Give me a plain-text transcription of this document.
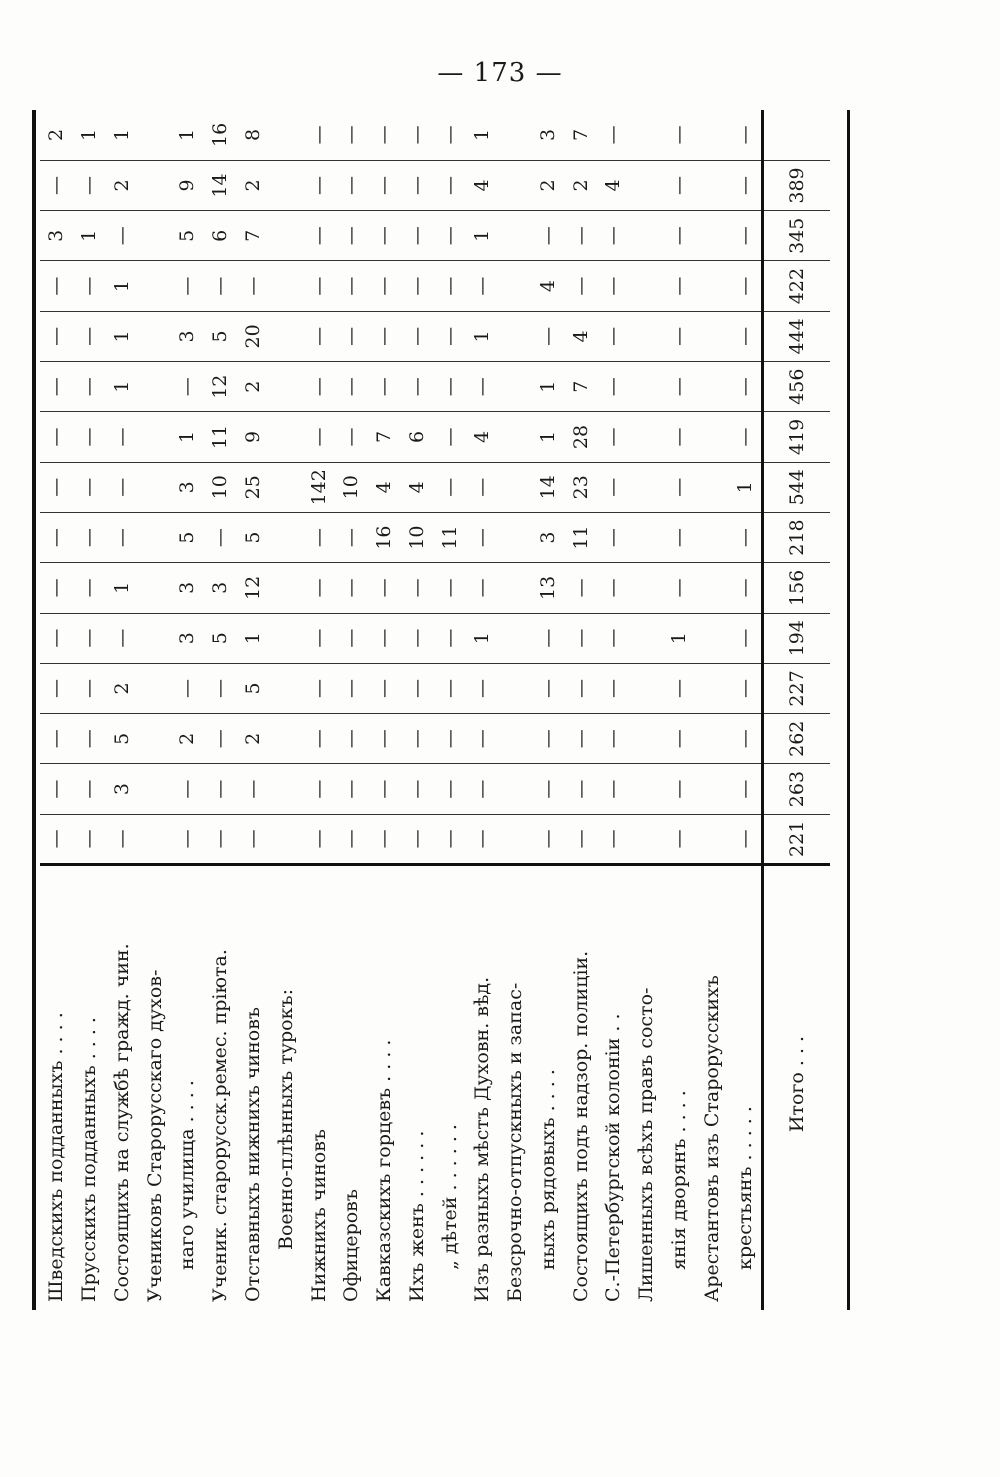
— 173 —
Шведскихъ подданныхъ . . . .	—	—	—	—	—	—	—	—	—	—	—	—	3	—	2
Прусскихъ подданныхъ . . . .	—	—	—	—	—	—	—	—	—	—	—	—	1	—	1
Состоящихъ на службѣ гражд. чин.	—	3	5	2	—	1	—	—	—	1	1	1	—	2	1
Учениковъ Старорусскаго духов-															
наго училища . . . .	—	—	2	—	3	3	5	3	1	—	3	—	5	9	1
Ученик. старорусск.ремес. пріюта.	—	—	—	—	5	3	—	10	11	12	5	—	6	14	16
Отставныхъ нижнихъ чиновъ	—	—	2	5	1	12	5	25	9	2	20	—	7	2	8
Военно-плѣнныхъ турокъ:															
Нижнихъ чиновъ	—	—	—	—	—	—	—	142	—	—	—	—	—	—	—
Офицеровъ	—	—	—	—	—	—	—	10	—	—	—	—	—	—	—
Кавказскихъ горцевъ . . . .	—	—	—	—	—	—	16	4	7	—	—	—	—	—	—
Ихъ женъ . . . . . .	—	—	—	—	—	—	10	4	6	—	—	—	—	—	—
„ дѣтей . . . . . .	—	—	—	—	—	—	11	—	—	—	—	—	—	—	—
Изъ разныхъ мѣстъ Духовн. вѣд.	—	—	—	—	1	—	—	—	4	—	1	—	1	4	1
Безсрочно-отпускныхъ и запас-															
ныхъ рядовыхъ . . . .	—	—	—	—	—	13	3	14	1	1	—	4	—	2	3
Состоящихъ подъ надзор. полиціи.	—	—	—	—	—	—	11	23	28	7	4	—	—	2	7
С.-Петербургской колоніи . .	—	—	—	—	—	—	—	—	—	—	—	—	—	4	—
Лишенныхъ всѣхъ правъ состо-															
янія дворянъ . . . .	—	—	—	—	1	—	—	—	—	—	—	—	—	—	—
Арестантовъ изъ Старорусскихъ															
крестьянъ . . . . .	—	—	—	—	—	—	—	1	—	—	—	—	—	—	—
Итого . . .	221	263	262	227	194	156	218	544	419	456	444	422	345	389	
